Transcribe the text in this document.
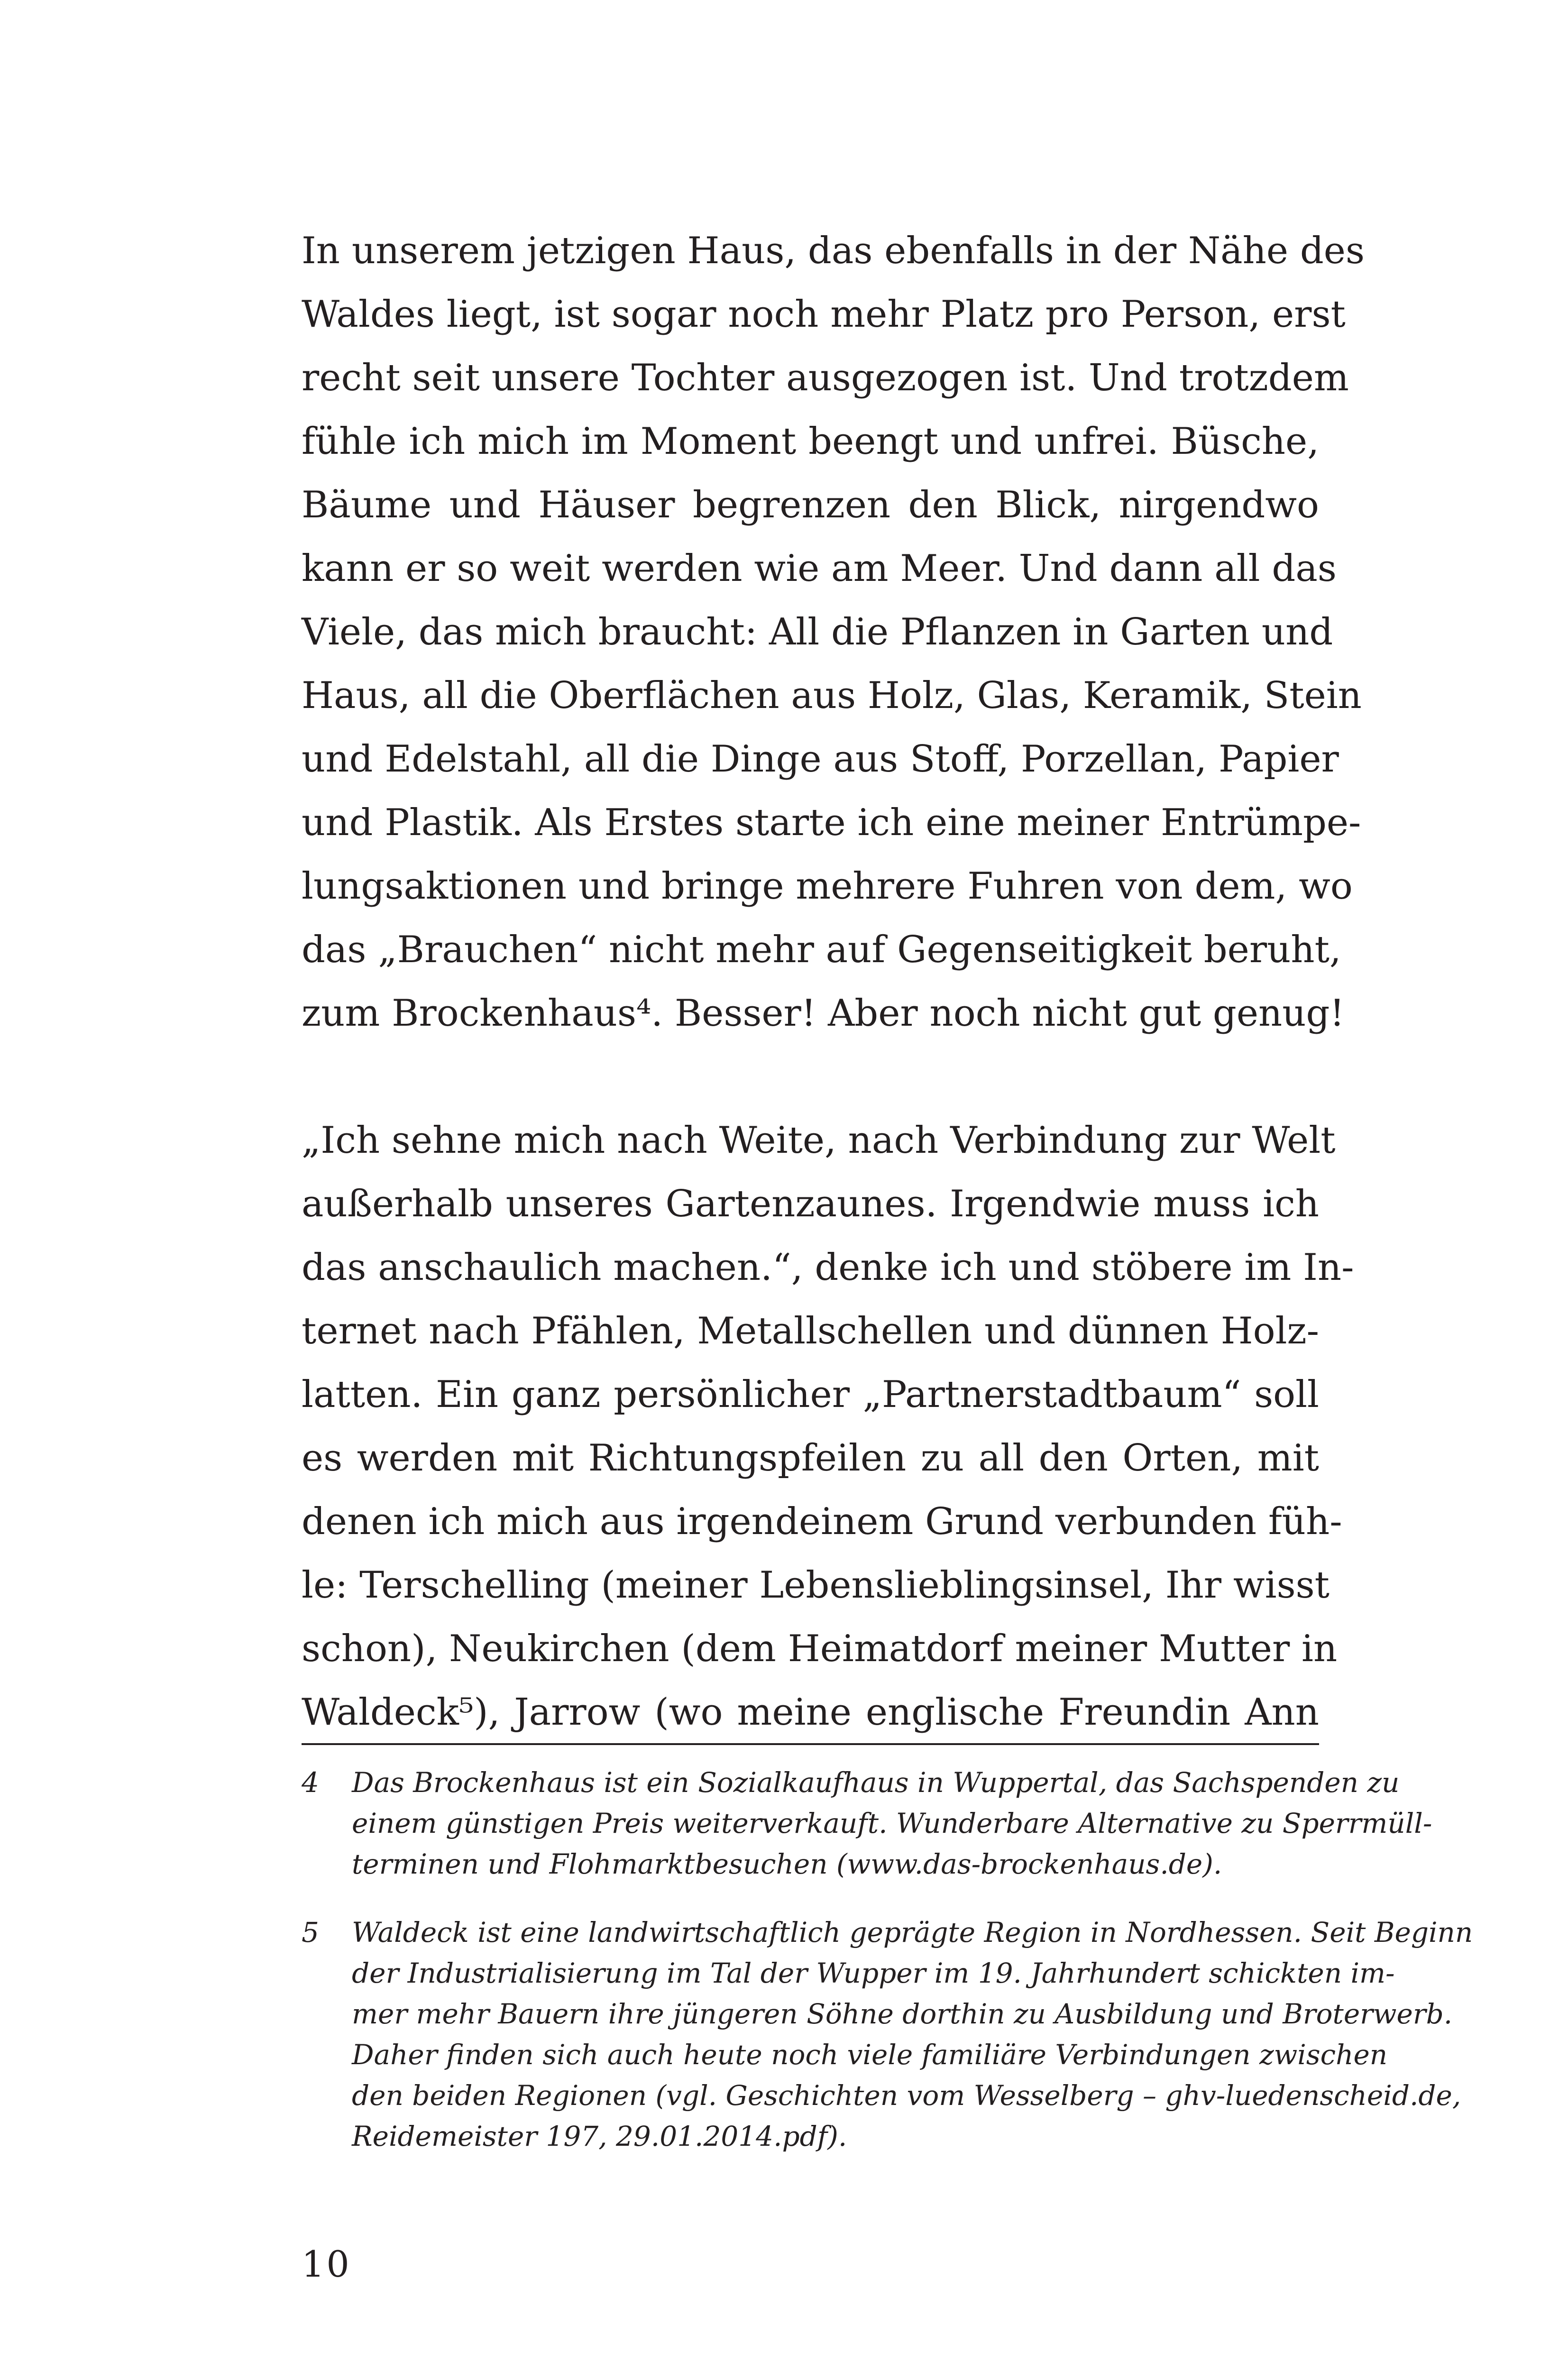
In unserem jetzigen Haus, das ebenfalls in der Nähe des
Waldes liegt, ist sogar noch mehr Platz pro Person, erst
recht seit unsere Tochter ausgezogen ist. Und trotzdem
fühle ich mich im Moment beengt und unfrei. Büsche,
Bäume und Häuser begrenzen den Blick, nirgendwo
kann er so weit werden wie am Meer. Und dann all das
Viele, das mich braucht: All die Pflanzen in Garten und
Haus, all die Oberflächen aus Holz, Glas, Keramik, Stein
und Edelstahl, all die Dinge aus Stoff, Porzellan, Papier
und Plastik. Als Erstes starte ich eine meiner Entrümpe-
lungsaktionen und bringe mehrere Fuhren von dem, wo
das „Brauchen“ nicht mehr auf Gegenseitigkeit beruht,
zum Brockenhaus⁴. Besser! Aber noch nicht gut genug!
„Ich sehne mich nach Weite, nach Verbindung zur Welt
außerhalb unseres Gartenzaunes. Irgendwie muss ich
das anschaulich machen.“, denke ich und stöbere im In-
ternet nach Pfählen, Metallschellen und dünnen Holz-
latten. Ein ganz persönlicher „Partnerstadtbaum“ soll
es werden mit Richtungspfeilen zu all den Orten, mit
denen ich mich aus irgendeinem Grund verbunden füh-
le: Terschelling (meiner Lebenslieblingsinsel, Ihr wisst
schon), Neukirchen (dem Heimatdorf meiner Mutter in
Waldeck⁵), Jarrow (wo meine englische Freundin Ann
4 Das Brockenhaus ist ein Sozialkaufhaus in Wuppertal, das Sachspenden zu
einem günstigen Preis weiterverkauft. Wunderbare Alternative zu Sperrmüll-
terminen und Flohmarktbesuchen (www.das-brockenhaus.de).
5 Waldeck ist eine landwirtschaftlich geprägte Region in Nordhessen. Seit Beginn
der Industrialisierung im Tal der Wupper im 19. Jahrhundert schickten im-
mer mehr Bauern ihre jüngeren Söhne dorthin zu Ausbildung und Broterwerb.
Daher finden sich auch heute noch viele familiäre Verbindungen zwischen
den beiden Regionen (vgl. Geschichten vom Wesselberg – ghv-luedenscheid.de,
Reidemeister 197, 29.01.2014.pdf).
10
